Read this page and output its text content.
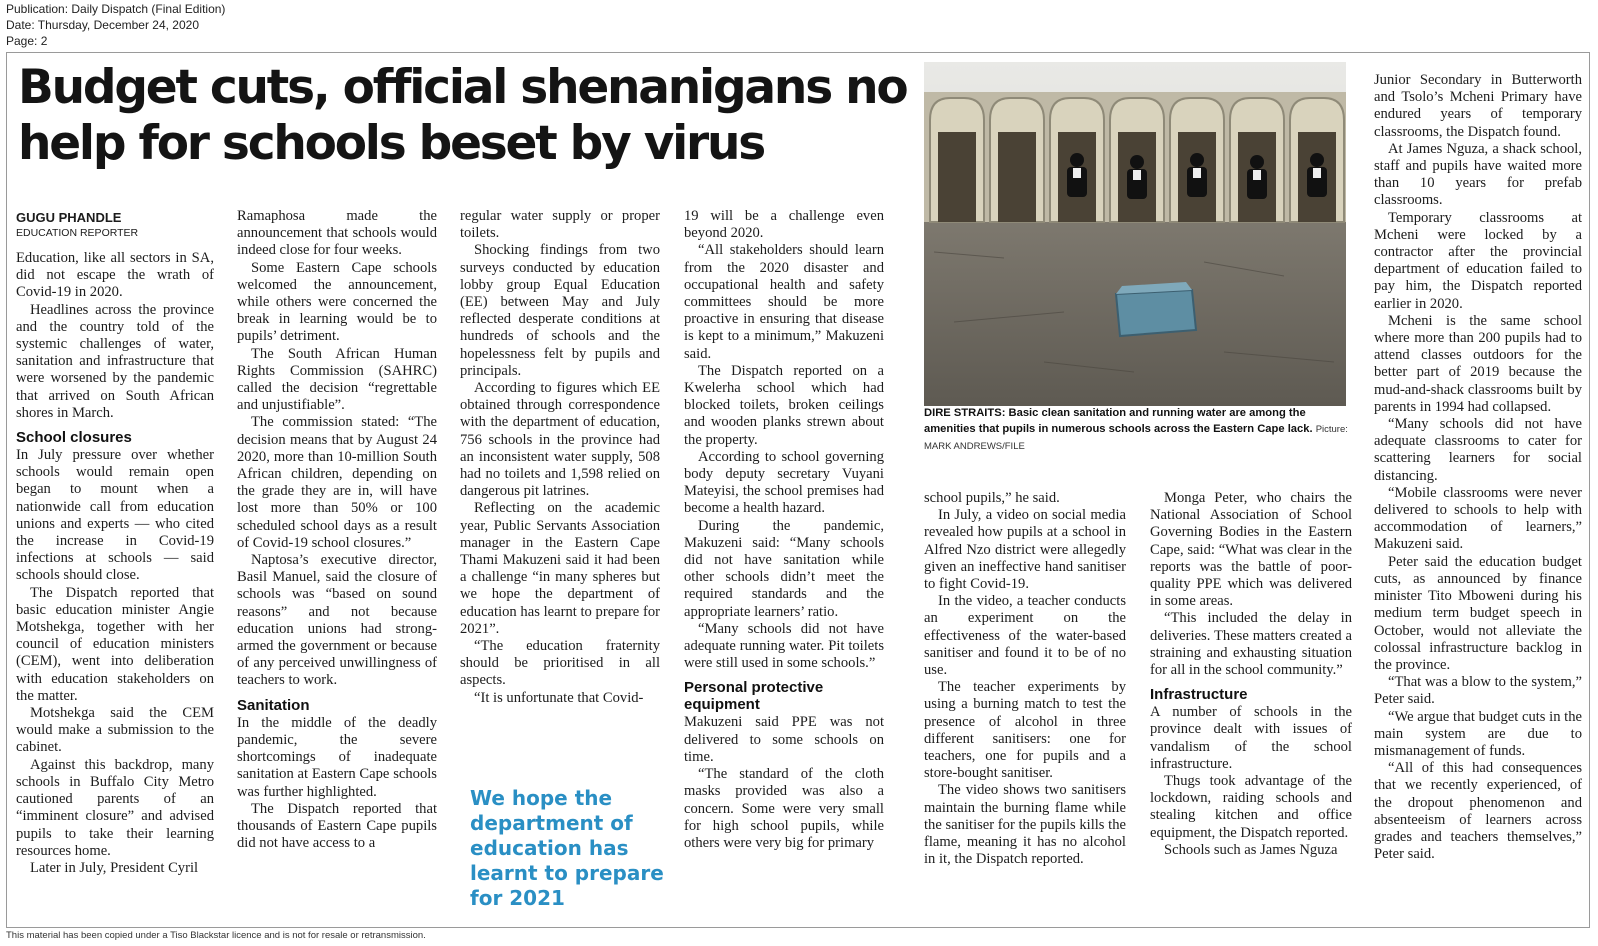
Publication: Daily Dispatch (Final Edition)
Date: Thursday, December 24, 2020
Page: 2
Budget cuts, official shenanigans no help for schools beset by virus
GUGU PHANDLE
EDUCATION REPORTER

Education, like all sectors in SA, did not escape the wrath of Covid-19 in 2020.

Headlines across the province and the country told of the systemic challenges of water, sanitation and infrastructure that were worsened by the pandemic that arrived on South African shores in March.

School closures

In July pressure over whether schools would remain open began to mount when a nationwide call from education unions and experts — who cited the increase in Covid-19 infections at schools — said schools should close.

The Dispatch reported that basic education minister Angie Motshekga, together with her council of education ministers (CEM), went into deliberation with education stakeholders on the matter.

Motshekga said the CEM would make a submission to the cabinet.

Against this backdrop, many schools in Buffalo City Metro cautioned parents of an “imminent closure” and advised pupils to take their learning resources home.

Later in July, President Cyril

Ramaphosa made the announcement that schools would indeed close for four weeks.

Some Eastern Cape schools welcomed the announcement, while others were concerned the break in learning would be to pupils’ detriment.

The South African Human Rights Commission (SAHRC) called the decision “regrettable and unjustifiable”.

The commission stated: “The decision means that by August 24 2020, more than 10-million South African children, depending on the grade they are in, will have lost more than 50% or 100 scheduled school days as a result of Covid-19 school closures.”

Naptosa’s executive director, Basil Manuel, said the closure of schools was “based on sound reasons” and not because education unions had strong-armed the government or because of any perceived unwillingness of teachers to work.

Sanitation

In the middle of the deadly pandemic, the severe shortcomings of inadequate sanitation at Eastern Cape schools was further highlighted.

The Dispatch reported that thousands of Eastern Cape pupils did not have access to a

regular water supply or proper toilets.

Shocking findings from two surveys conducted by education lobby group Equal Education (EE) between May and July reflected desperate conditions at hundreds of schools and the hopelessness felt by pupils and principals.

According to figures which EE obtained through correspondence with the department of education, 756 schools in the province had an inconsistent water supply, 508 had no toilets and 1,598 relied on dangerous pit latrines.

Reflecting on the academic year, Public Servants Association manager in the Eastern Cape Thami Makuzeni said it had been a challenge “in many spheres but we hope the department of education has learnt to prepare for 2021”.

“The education fraternity should be prioritised in all aspects.

“It is unfortunate that Covid-

We hope the department of education has learnt to prepare for 2021

19 will be a challenge even beyond 2020.

“All stakeholders should learn from the 2020 disaster and occupational health and safety committees should be more proactive in ensuring that disease is kept to a minimum,” Makuzeni said.

The Dispatch reported on a Kwelerha school which had blocked toilets, broken ceilings and wooden planks strewn about the property.

According to school governing body deputy secretary Vuyani Mateyisi, the school premises had become a health hazard.

During the pandemic, Makuzeni said: “Many schools did not have sanitation while other schools didn’t meet the required standards and the appropriate learners’ ratio.

“Many schools did not have adequate running water. Pit toilets were still used in some schools.”

Personal protective equipment

Makuzeni said PPE was not delivered to some schools on time.

“The standard of the cloth masks provided was also a concern. Some were very small for high school pupils, while others were very big for primary

DIRE STRAITS: Basic clean sanitation and running water are among the amenities that pupils in numerous schools across the Eastern Cape lack. Picture: MARK ANDREWS/FILE

school pupils,” he said.

In July, a video on social media revealed how pupils at a school in Alfred Nzo district were allegedly given an ineffective hand sanitiser to fight Covid-19.

In the video, a teacher conducts an experiment on the effectiveness of the water-based sanitiser and found it to be of no use.

The teacher experiments by using a burning match to test the presence of alcohol in three different sanitisers: one for teachers, one for pupils and a store-bought sanitiser.

The video shows two sanitisers maintain the burning flame while the sanitiser for the pupils kills the flame, meaning it has no alcohol in it, the Dispatch reported.

Monga Peter, who chairs the National Association of School Governing Bodies in the Eastern Cape, said: “What was clear in the reports was the battle of poor-quality PPE which was delivered in some areas.

“This included the delay in deliveries. These matters created a straining and exhausting situation for all in the school community.”

Infrastructure

A number of schools in the province dealt with issues of vandalism of the school infrastructure.

Thugs took advantage of the lockdown, raiding schools and stealing kitchen and office equipment, the Dispatch reported.

Schools such as James Nguza

Junior Secondary in Butterworth and Tsolo’s Mcheni Primary have endured years of temporary classrooms, the Dispatch found.

At James Nguza, a shack school, staff and pupils have waited more than 10 years for prefab classrooms.

Temporary classrooms at Mcheni were locked by a contractor after the provincial department of education failed to pay him, the Dispatch reported earlier in 2020.

Mcheni is the same school where more than 200 pupils had to attend classes outdoors for the better part of 2019 because the mud-and-shack classrooms built by parents in 1994 had collapsed.

“Many schools did not have adequate classrooms to cater for scattering learners for social distancing.

“Mobile classrooms were never delivered to schools to help with accommodation of learners,” Makuzeni said.

Peter said the education budget cuts, as announced by finance minister Tito Mboweni during his medium term budget speech in October, would not alleviate the colossal infrastructure backlog in the province.

“That was a blow to the system,” Peter said.

“We argue that budget cuts in the main system are due to mismanagement of funds.

“All of this had consequences that we recently experienced, of the dropout phenomenon and absenteeism of learners across grades and teachers themselves,” Peter said.

This material has been copied under a Tiso Blackstar licence and is not for resale or retransmission.
